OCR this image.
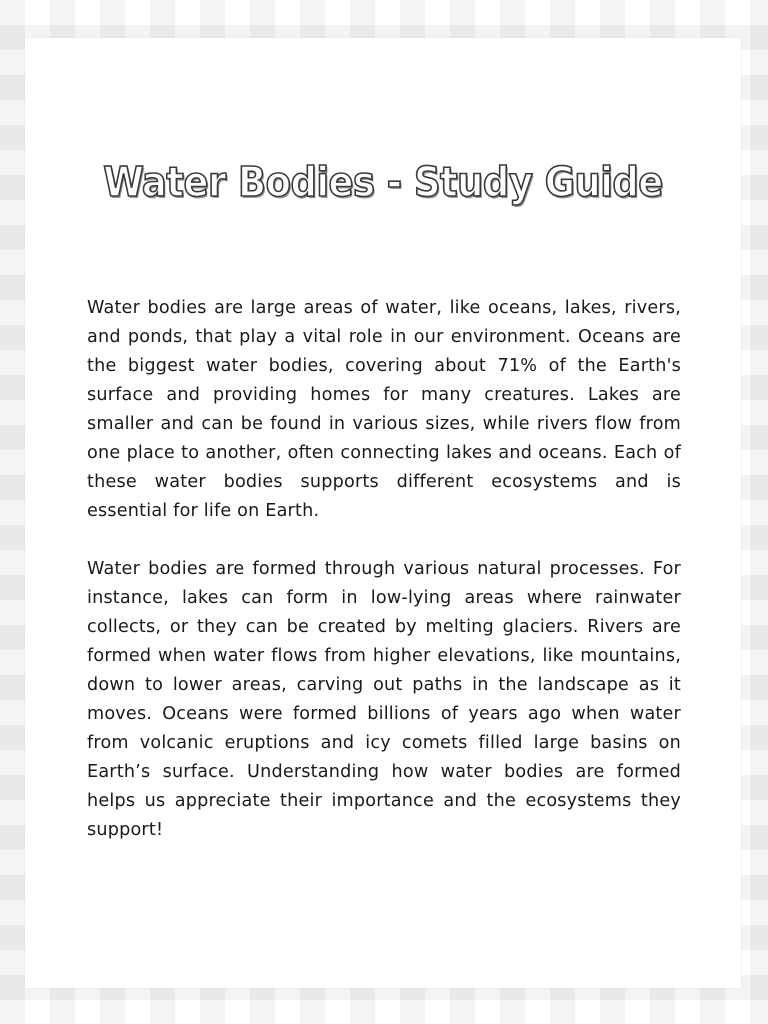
Water Bodies - Study Guide

Water bodies are large areas of water, like oceans, lakes, rivers, and ponds, that play a vital role in our environment. Oceans are the biggest water bodies, covering about 71% of the Earth's surface and providing homes for many creatures. Lakes are smaller and can be found in various sizes, while rivers flow from one place to another, often connecting lakes and oceans. Each of these water bodies supports different ecosystems and is essential for life on Earth.

Water bodies are formed through various natural processes. For instance, lakes can form in low-lying areas where rainwater collects, or they can be created by melting glaciers. Rivers are formed when water flows from higher elevations, like mountains, down to lower areas, carving out paths in the landscape as it moves. Oceans were formed billions of years ago when water from volcanic eruptions and icy comets filled large basins on Earth’s surface. Understanding how water bodies are formed helps us appreciate their importance and the ecosystems they support!
